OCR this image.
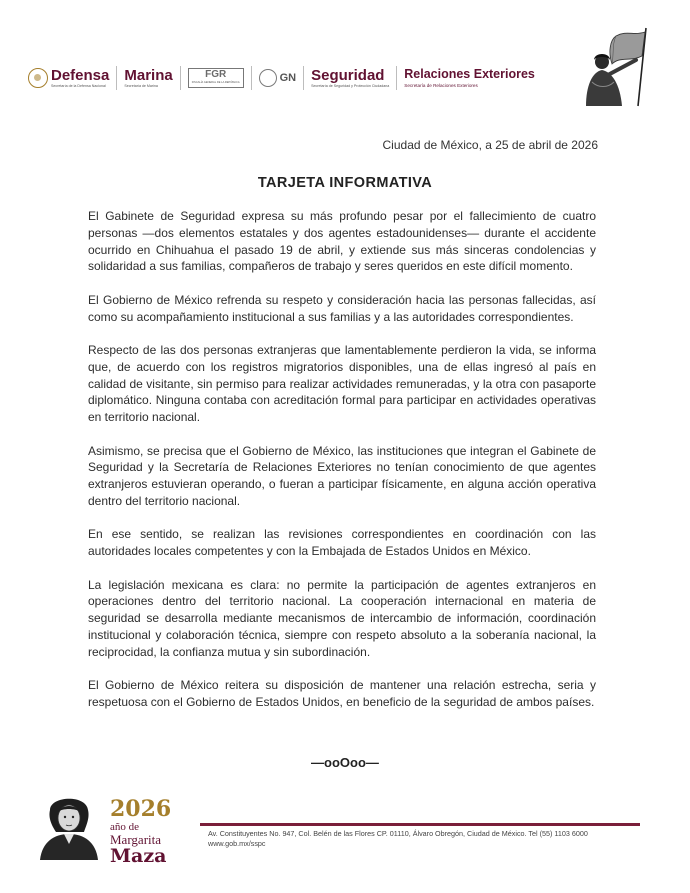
Defensa
Secretaría de la Defensa Nacional
Marina
Secretaría de Marina
FGR
FISCALÍA GENERAL DE LA REPÚBLICA	GN Seguridad
Secretaría de Seguridad y Protección Ciudadana
Relaciones Exteriores
Secretaría de Relaciones Exteriores
Ciudad de México, a 25 de abril de 2026
TARJETA INFORMATIVA

El Gabinete de Seguridad expresa su más profundo pesar por el fallecimiento de cuatro personas —dos elementos estatales y dos agentes estadounidenses— durante el accidente ocurrido en Chihuahua el pasado 19 de abril, y extiende sus más sinceras condolencias y solidaridad a sus familias, compañeros de trabajo y seres queridos en este difícil momento.

El Gobierno de México refrenda su respeto y consideración hacia las personas fallecidas, así como su acompañamiento institucional a sus familias y a las autoridades correspondientes.

Respecto de las dos personas extranjeras que lamentablemente perdieron la vida, se informa que, de acuerdo con los registros migratorios disponibles, una de ellas ingresó al país en calidad de visitante, sin permiso para realizar actividades remuneradas, y la otra con pasaporte diplomático. Ninguna contaba con acreditación formal para participar en actividades operativas en territorio nacional.

Asimismo, se precisa que el Gobierno de México, las instituciones que integran el Gabinete de Seguridad y la Secretaría de Relaciones Exteriores no tenían conocimiento de que agentes extranjeros estuvieran operando, o fueran a participar físicamente, en alguna acción operativa dentro del territorio nacional.

En ese sentido, se realizan las revisiones correspondientes en coordinación con las autoridades locales competentes y con la Embajada de Estados Unidos en México.

La legislación mexicana es clara: no permite la participación de agentes extranjeros en operaciones dentro del territorio nacional. La cooperación internacional en materia de seguridad se desarrolla mediante mecanismos de intercambio de información, coordinación institucional y colaboración técnica, siempre con respeto absoluto a la soberanía nacional, la reciprocidad, la confianza mutua y sin subordinación.

El Gobierno de México reitera su disposición de mantener una relación estrecha, seria y respetuosa con el Gobierno de Estados Unidos, en beneficio de la seguridad de ambos países.

—ooOoo—
2026
año de
Margarita
Maza
Av. Constituyentes No. 947, Col. Belén de las Flores CP. 01110, Álvaro Obregón, Ciudad de México. Tel (55) 1103 6000 www.gob.mx/sspc
